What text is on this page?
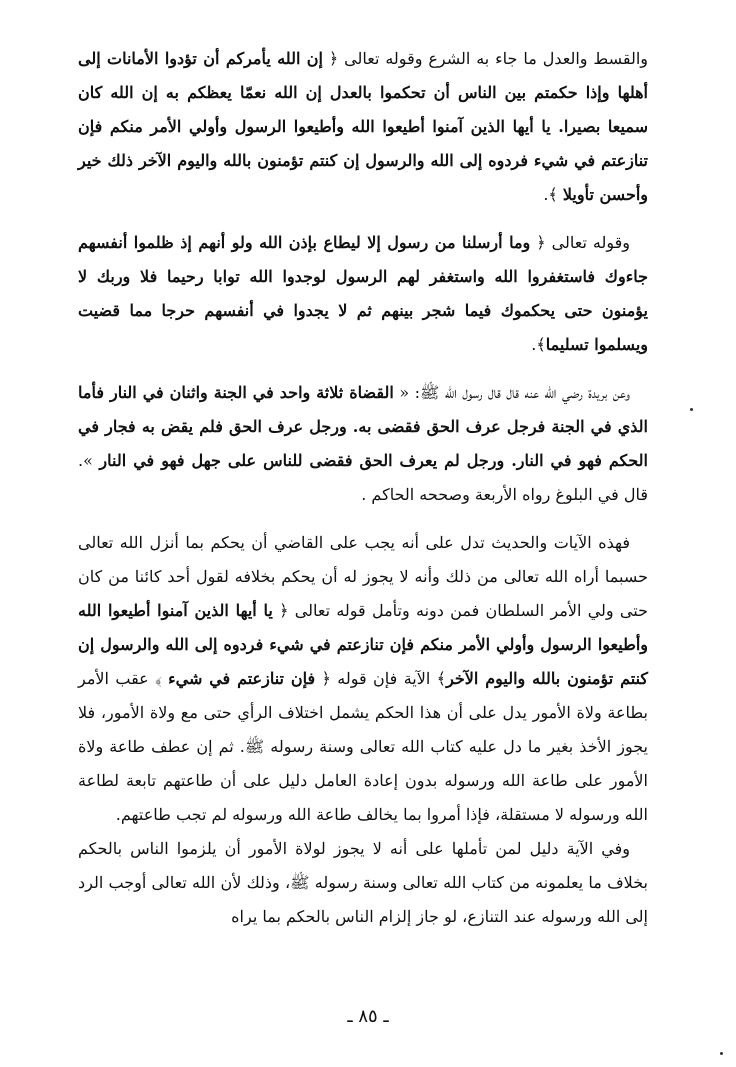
والقسط والعدل ما جاء به الشرع وقوله تعالى ﴿ إن الله يأمركم أن تؤدوا الأمانات إلى أهلها وإذا حكمتم بين الناس أن تحكموا بالعدل إن الله نعمّا يعظكم به إن الله كان سميعا بصيرا. يا أيها الذين آمنوا أطيعوا الله وأطيعوا الرسول وأولي الأمر منكم فإن تنازعتم في شيء فردوه إلى الله والرسول إن كنتم تؤمنون بالله واليوم الآخر ذلك خير وأحسن تأويلا ﴾.

وقوله تعالى ﴿ وما أرسلنا من رسول إلا ليطاع بإذن الله ولو أنهم إذ ظلموا أنفسهم جاءوك فاستغفروا الله واستغفر لهم الرسول لوجدوا الله توابا رحيما فلا وربك لا يؤمنون حتى يحكموك فيما شجر بينهم ثم لا يجدوا في أنفسهم حرجا مما قضيت ويسلموا تسليما﴾.

وعن بريدة رضي الله عنه قال قال رسول الله ﷺ: « القضاة ثلاثة واحد في الجنة واثنان في النار فأما الذي في الجنة فرجل عرف الحق فقضى به. ورجل عرف الحق فلم يقض به فجار في الحكم فهو في النار. ورجل لم يعرف الحق فقضى للناس على جهل فهو في النار ». قال في البلوغ رواه الأربعة وصححه الحاكم .

فهذه الآيات والحديث تدل على أنه يجب على القاضي أن يحكم بما أنزل الله تعالى حسبما أراه الله تعالى من ذلك وأنه لا يجوز له أن يحكم بخلافه لقول أحد كائنا من كان حتى ولي الأمر السلطان فمن دونه وتأمل قوله تعالى ﴿ يا أيها الذين آمنوا أطيعوا الله وأطيعوا الرسول وأولي الأمر منكم فإن تنازعتم في شيء فردوه إلى الله والرسول إن كنتم تؤمنون بالله واليوم الآخر﴾ الآية فإن قوله ﴿ فإن تنازعتم في شيء ﴾ عقب الأمر بطاعة ولاة الأمور يدل على أن هذا الحكم يشمل اختلاف الرأي حتى مع ولاة الأمور، فلا يجوز الأخذ بغير ما دل عليه كتاب الله تعالى وسنة رسوله ﷺ. ثم إن عطف طاعة ولاة الأمور على طاعة الله ورسوله بدون إعادة العامل دليل على أن طاعتهم تابعة لطاعة الله ورسوله لا مستقلة، فإذا أمروا بما يخالف طاعة الله ورسوله لم تجب طاعتهم.

وفي الآية دليل لمن تأملها على أنه لا يجوز لولاة الأمور أن يلزموا الناس بالحكم بخلاف ما يعلمونه من كتاب الله تعالى وسنة رسوله ﷺ، وذلك لأن الله تعالى أوجب الرد إلى الله ورسوله عند التنازع، لو جاز إلزام الناس بالحكم بما يراه

ـ ٨٥ ـ
